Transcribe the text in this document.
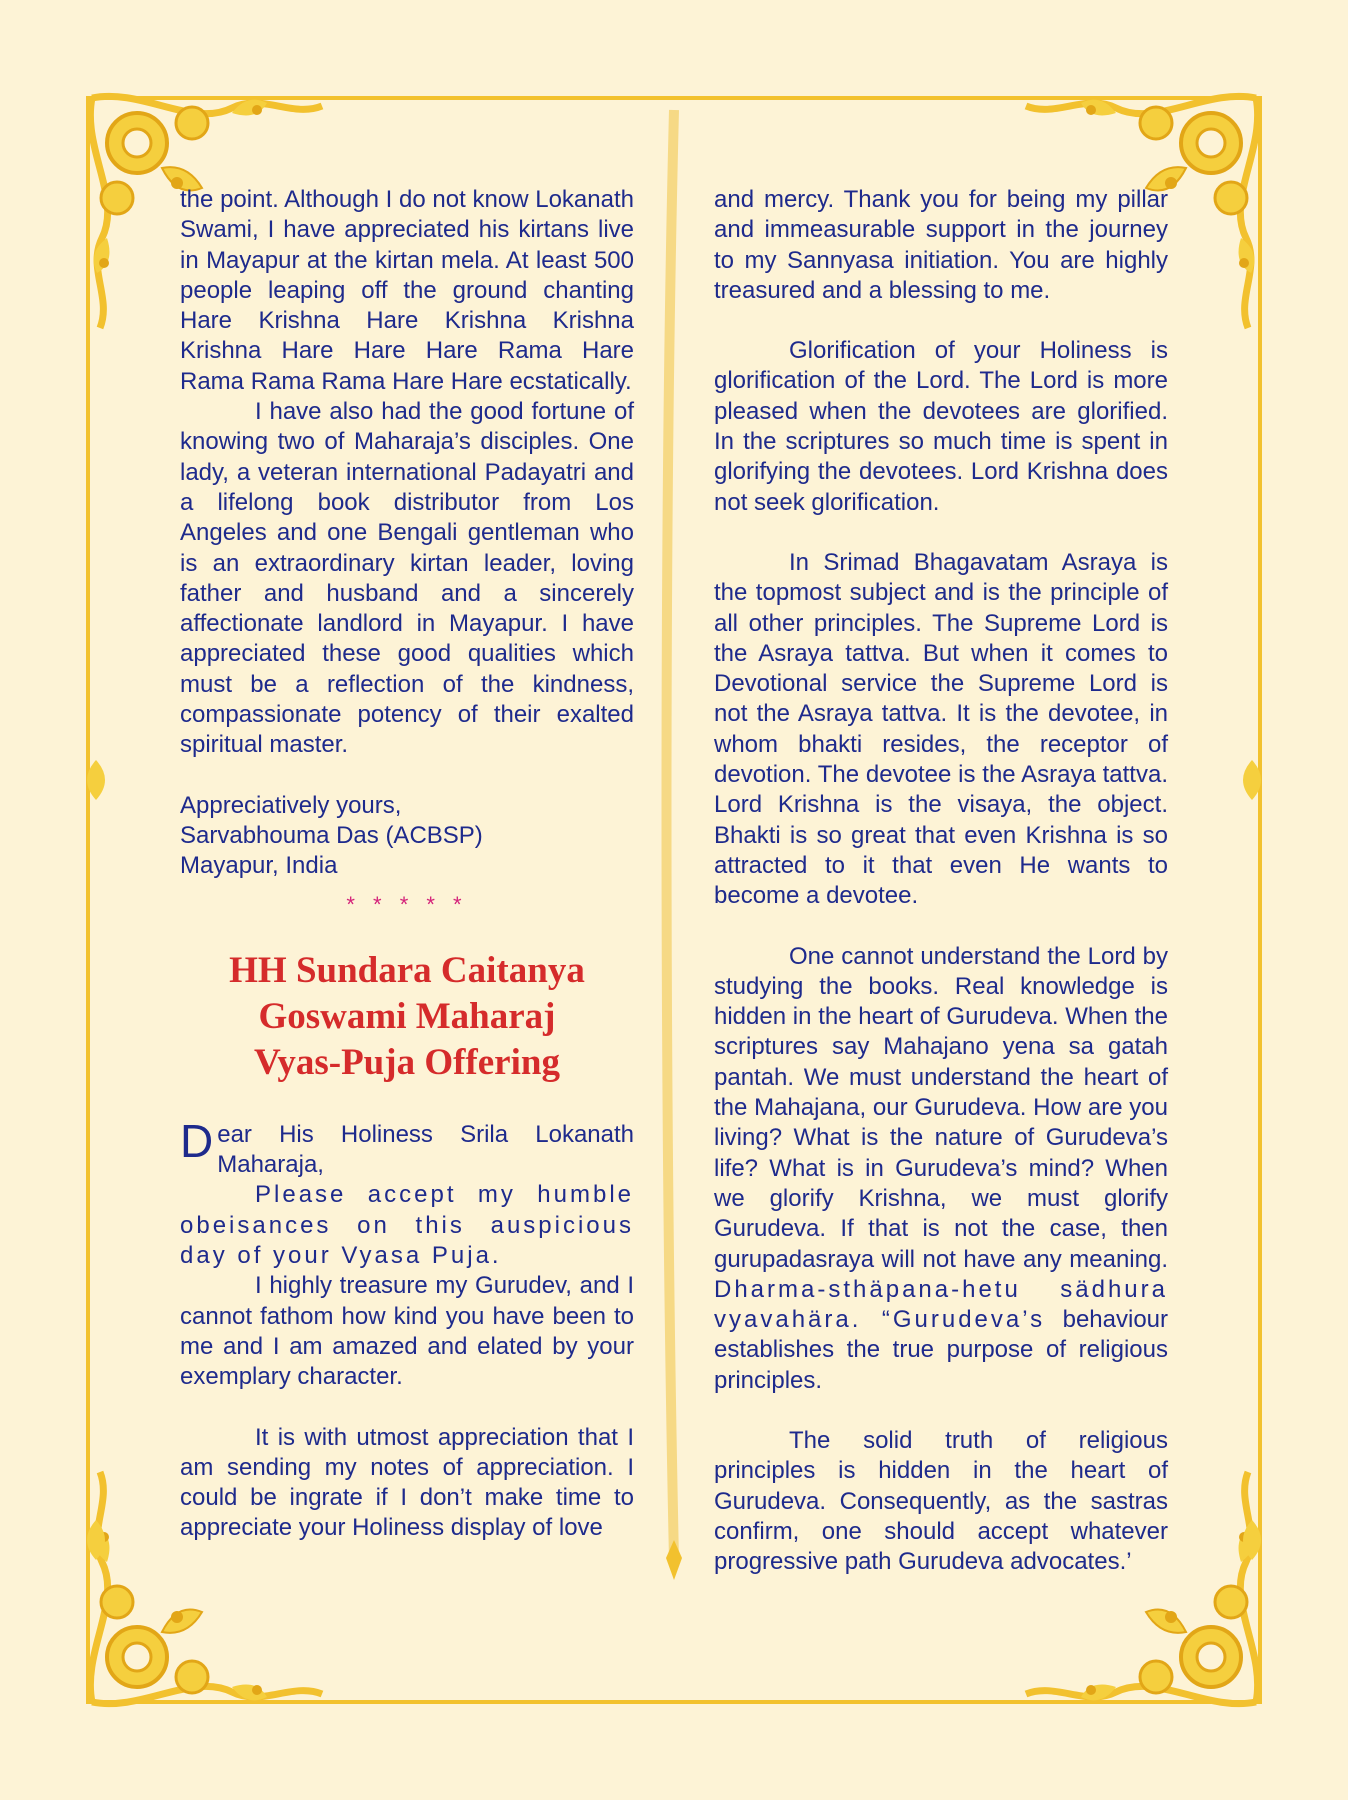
the point. Although I do not know Lokanath Swami, I have appreciated his kirtans live in Mayapur at the kirtan mela. At least 500 people leaping off the ground chanting Hare Krishna Hare Krishna Krishna Krishna Hare Hare Hare Rama Hare Rama Rama Rama Hare Hare ecstatically.

I have also had the good fortune of knowing two of Maharaja’s disciples. One lady, a veteran international Padayatri and a lifelong book distributor from Los Angeles and one Bengali gentleman who is an extraordinary kirtan leader, loving father and husband and a sincerely affectionate landlord in Mayapur. I have appreciated these good qualities which must be a reflection of the kindness, compassionate potency of their exalted spiritual master.

Appreciatively yours,

Sarvabhouma Das (ACBSP)

Mayapur, India

* * * * *
HH Sundara Caitanya
Goswami Maharaj
Vyas-Puja Offering

Dear His Holiness Srila Lokanath Maharaja,

Please accept my humble obeisances on this auspicious day of your Vyasa Puja.

I highly treasure my Gurudev, and I cannot fathom how kind you have been to me and I am amazed and elated by your exemplary character.

It is with utmost appreciation that I am sending my notes of appreciation. I could be ingrate if I don’t make time to appreciate your Holiness display of love

and mercy. Thank you for being my pillar and immeasurable support in the journey to my Sannyasa initiation. You are highly treasured and a blessing to me.

Glorification of your Holiness is glorification of the Lord. The Lord is more pleased when the devotees are glorified. In the scriptures so much time is spent in glorifying the devotees. Lord Krishna does not seek glorification.

In Srimad Bhagavatam Asraya is the topmost subject and is the principle of all other principles. The Supreme Lord is the Asraya tattva. But when it comes to Devotional service the Supreme Lord is not the Asraya tattva. It is the devotee, in whom bhakti resides, the receptor of devotion. The devotee is the Asraya tattva. Lord Krishna is the visaya, the object. Bhakti is so great that even Krishna is so attracted to it that even He wants to become a devotee.

One cannot understand the Lord by studying the books. Real knowledge is hidden in the heart of Gurudeva. When the scriptures say Mahajano yena sa gatah pantah. We must understand the heart of the Mahajana, our Gurudeva. How are you living? What is the nature of Gurudeva’s life? What is in Gurudeva’s mind? When we glorify Krishna, we must glorify Gurudeva. If that is not the case, then gurupadasraya will not have any meaning. Dharma-sthäpana-hetu sädhura vyavahära. “Gurudeva’s behaviour establishes the true purpose of religious principles.

The solid truth of religious principles is hidden in the heart of Gurudeva. Consequently, as the sastras confirm, one should accept whatever progressive path Gurudeva advocates.’
